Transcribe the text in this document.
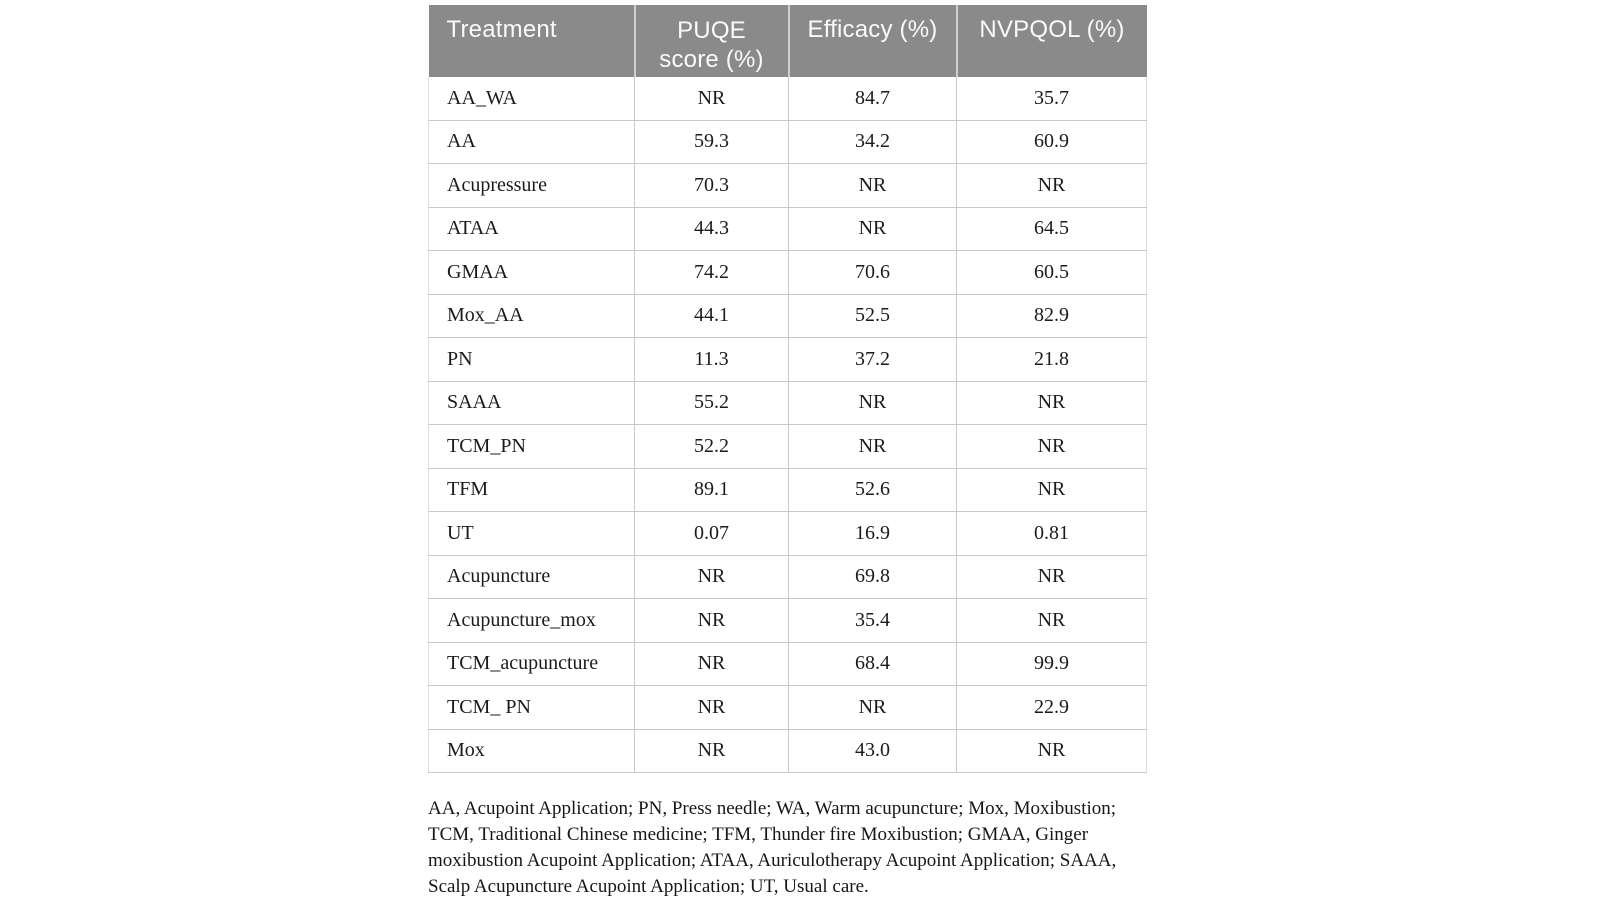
Treatment	PUQE score (%)	Efficacy (%)	NVPQOL (%)
AA_WA	NR	84.7	35.7
AA	59.3	34.2	60.9
Acupressure	70.3	NR	NR
ATAA	44.3	NR	64.5
GMAA	74.2	70.6	60.5
Mox_AA	44.1	52.5	82.9
PN	11.3	37.2	21.8
SAAA	55.2	NR	NR
TCM_PN	52.2	NR	NR
TFM	89.1	52.6	NR
UT	0.07	16.9	0.81
Acupuncture	NR	69.8	NR
Acupuncture_mox	NR	35.4	NR
TCM_acupuncture	NR	68.4	99.9
TCM_ PN	NR	NR	22.9
Mox	NR	43.0	NR

AA, Acupoint Application; PN, Press needle; WA, Warm acupuncture; Mox, Moxibustion; TCM, Traditional Chinese medicine; TFM, Thunder fire Moxibustion; GMAA, Ginger moxibustion Acupoint Application; ATAA, Auriculotherapy Acupoint Application; SAAA, Scalp Acupuncture Acupoint Application; UT, Usual care.
